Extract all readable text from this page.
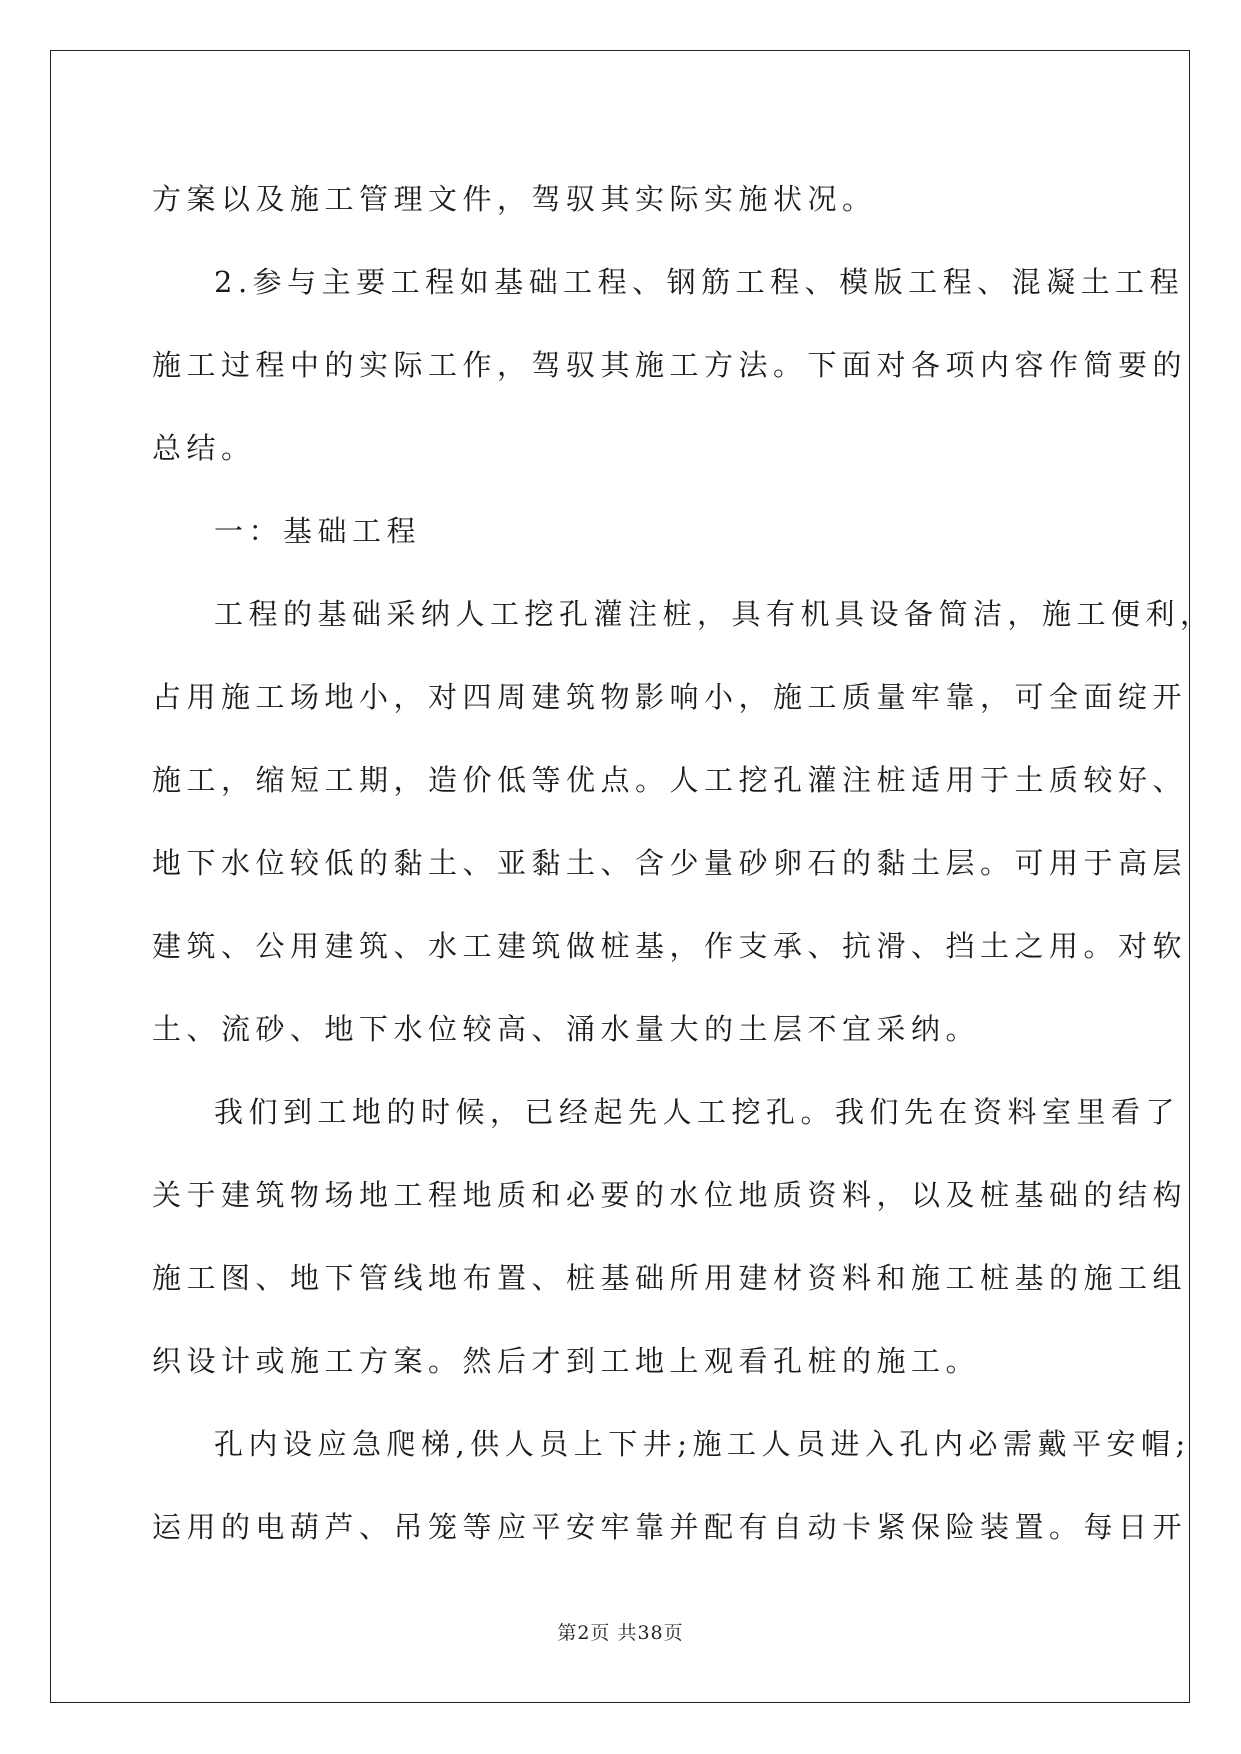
方案以及施工管理文件，驾驭其实际实施状况。
2.参与主要工程如基础工程、钢筋工程、模版工程、混凝土工程
施工过程中的实际工作，驾驭其施工方法。下面对各项内容作简要的
总结。
一：基础工程
工程的基础采纳人工挖孔灌注桩，具有机具设备简洁，施工便利，
占用施工场地小，对四周建筑物影响小，施工质量牢靠，可全面绽开
施工，缩短工期，造价低等优点。人工挖孔灌注桩适用于土质较好、
地下水位较低的黏土、亚黏土、含少量砂卵石的黏土层。可用于高层
建筑、公用建筑、水工建筑做桩基，作支承、抗滑、挡土之用。对软
土、流砂、地下水位较高、涌水量大的土层不宜采纳。
我们到工地的时候，已经起先人工挖孔。我们先在资料室里看了
关于建筑物场地工程地质和必要的水位地质资料，以及桩基础的结构
施工图、地下管线地布置、桩基础所用建材资料和施工桩基的施工组
织设计或施工方案。然后才到工地上观看孔桩的施工。
孔内设应急爬梯,供人员上下井;施工人员进入孔内必需戴平安帽;
运用的电葫芦、吊笼等应平安牢靠并配有自动卡紧保险装置。每日开
第2页 共38页
